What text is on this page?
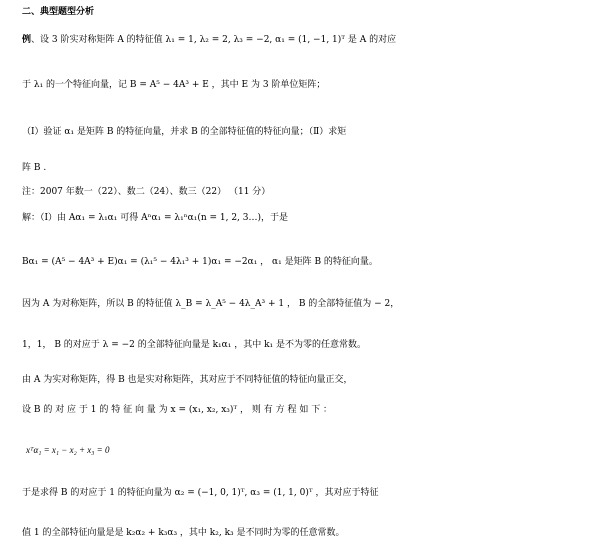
二、典型题型分析
例、设 3 阶实对称矩阵 A 的特征值 λ₁ = 1, λ₂ = 2, λ₃ = −2, α₁ = (1, −1, 1)ᵀ 是 A 的对应
于 λ₁ 的一个特征向量，记 B = A⁵ − 4A³ + E ，其中 E 为 3 阶单位矩阵；
（Ⅰ）验证 α₁ 是矩阵 B 的特征向量，并求 B 的全部特征值的特征向量；（Ⅱ）求矩
阵 B .
注：2007 年数一（22）、数二（24）、数三（22） （11 分）
解：（Ⅰ）由 Aα₁ = λ₁α₁ 可得 Aⁿα₁ = λ₁ⁿα₁(n = 1, 2, 3…)，于是
Bα₁ = (A⁵ − 4A³ + E)α₁ = (λ₁⁵ − 4λ₁³ + 1)α₁ = −2α₁ ， α₁ 是矩阵 B 的特征向量。
因为 A 为对称矩阵，所以 B 的特征值 λ_B = λ_A⁵ − 4λ_A³ + 1 ， B 的全部特征值为 − 2，
1，1， B 的对应于 λ = −2 的全部特征向量是 k₁α₁ ，其中 k₁ 是不为零的任意常数。
由 A 为实对称矩阵，得 B 也是实对称矩阵，其对应于不同特征值的特征向量正交，
设 B 的 对 应 于 1 的 特 征 向 量 为 x = (x₁, x₂, x₃)ᵀ ， 则 有 方 程 如 下 ：
xᵀα₁ = x₁ − x₂ + x₃ = 0
于是求得 B 的对应于 1 的特征向量为 α₂ = (−1, 0, 1)ᵀ, α₃ = (1, 1, 0)ᵀ ，其对应于特征
值 1 的全部特征向量是是 k₂α₂ + k₃α₃ ，其中 k₂, k₃ 是不同时为零的任意常数。
